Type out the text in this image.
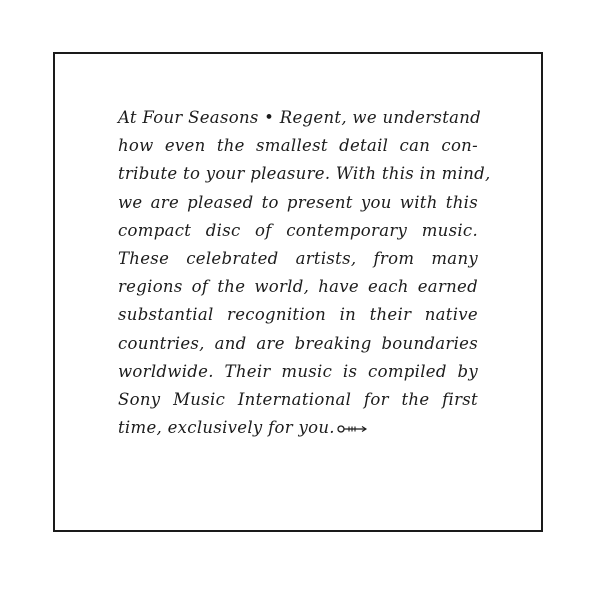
At Four Seasons • Regent, we understand
how even the smallest detail can con-
tribute to your pleasure. With this in mind,
we are pleased to present you with this
compact disc of contemporary music.
These celebrated artists, from many
regions of the world, have each earned
substantial recognition in their native
countries, and are breaking boundaries
worldwide. Their music is compiled by
Sony Music International for the first
time, exclusively for you.
